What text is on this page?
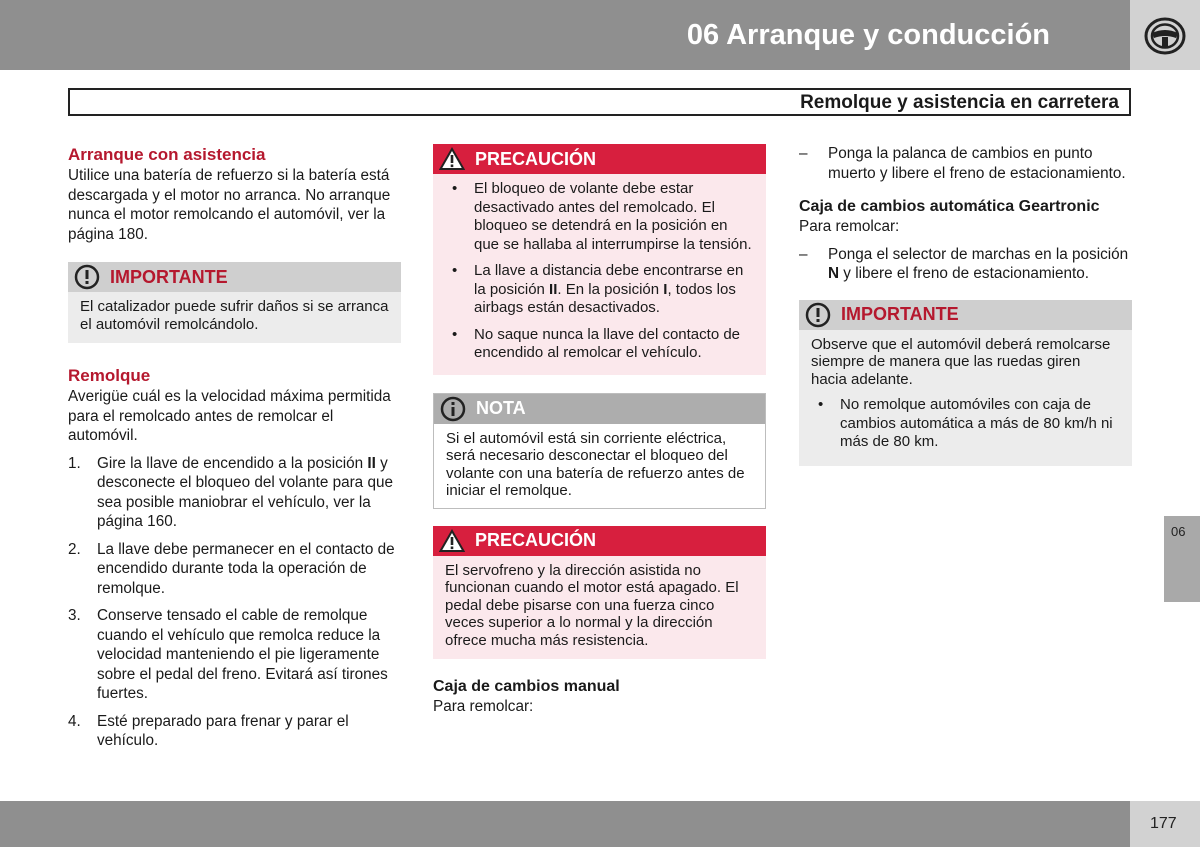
06 Arranque y conducción
Remolque y asistencia en carretera
Arranque con asistencia

Utilice una batería de refuerzo si la batería está descargada y el motor no arranca. No arranque nunca el motor remolcando el automóvil, ver la página 180.

IMPORTANTE
El catalizador puede sufrir daños si se arranca el automóvil remolcándolo.
Remolque

Averigüe cuál es la velocidad máxima permitida para el remolcado antes de remolcar el automóvil.

1. Gire la llave de encendido a la posición II y desconecte el bloqueo del volante para que sea posible maniobrar el vehículo, ver la página 160.
2. La llave debe permanecer en el contacto de encendido durante toda la operación de remolque.
3. Conserve tensado el cable de remolque cuando el vehículo que remolca reduce la velocidad manteniendo el pie ligeramente sobre el pedal del freno. Evitará así tirones fuertes.
4. Esté preparado para frenar y parar el vehículo.
PRECAUCIÓN
• El bloqueo de volante debe estar desactivado antes del remolcado. El bloqueo se detendrá en la posición en que se hallaba al interrumpirse la tensión.
• La llave a distancia debe encontrarse en la posición II. En la posición I, todos los airbags están desactivados.
• No saque nunca la llave del contacto de encendido al remolcar el vehículo.
NOTA
Si el automóvil está sin corriente eléctrica, será necesario desconectar el bloqueo del volante con una batería de refuerzo antes de iniciar el remolque.
PRECAUCIÓN
El servofreno y la dirección asistida no funcionan cuando el motor está apagado. El pedal debe pisarse con una fuerza cinco veces superior a lo normal y la dirección ofrece mucha más resistencia.
Caja de cambios manual

Para remolcar:

– Ponga la palanca de cambios en punto muerto y libere el freno de estacionamiento.
Caja de cambios automática Geartronic

Para remolcar:

– Ponga el selector de marchas en la posición N y libere el freno de estacionamiento.
IMPORTANTE

Observe que el automóvil deberá remolcarse siempre de manera que las ruedas giren hacia adelante.

• No remolque automóviles con caja de cambios automática a más de 80 km/h ni más de 80 km.
06
177
